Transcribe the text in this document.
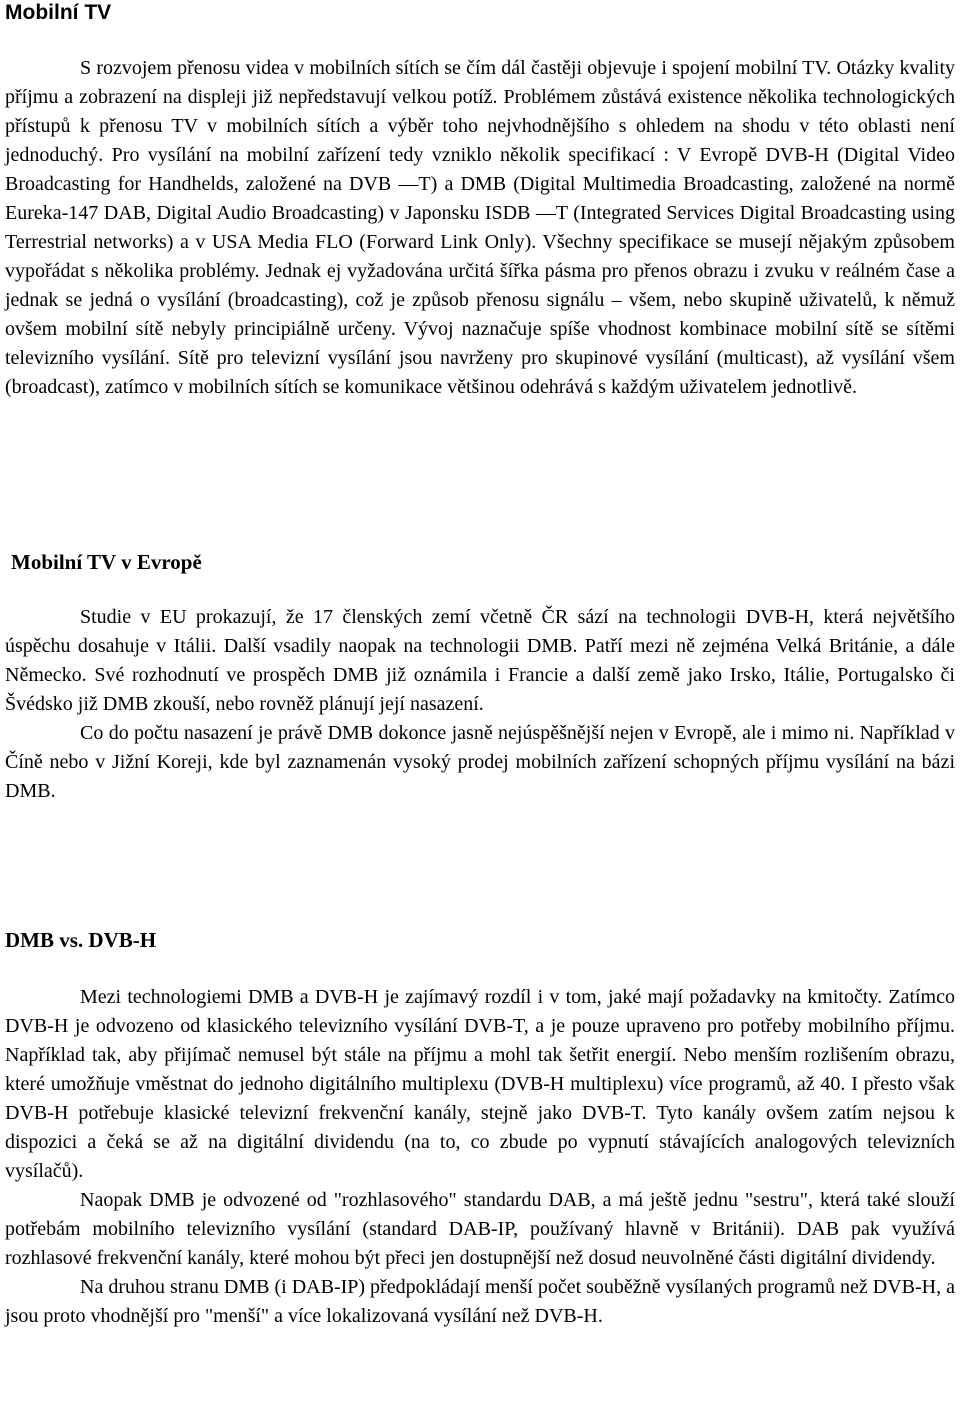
Mobilní TV

S rozvojem přenosu videa v mobilních sítích se čím dál častěji objevuje i spojení mobilní TV. Otázky kvality příjmu a zobrazení na displeji již nepředstavují velkou potíž. Problémem zůstává existence několika technologických přístupů k přenosu TV v mobilních sítích a výběr toho nejvhodnějšího s ohledem na shodu v této oblasti není jednoduchý. Pro vysílání na mobilní zařízení tedy vzniklo několik specifikací : V Evropě DVB-H (Digital Video Broadcasting for Handhelds, založené na DVB —T) a DMB (Digital Multimedia Broadcasting, založené na normě Eureka-147 DAB, Digital Audio Broadcasting) v Japonsku ISDB —T (Integrated Services Digital Broadcasting using Terrestrial networks) a v USA Media FLO (Forward Link Only). Všechny specifikace se musejí nějakým způsobem vypořádat s několika problémy. Jednak ej vyžadována určitá šířka pásma pro přenos obrazu i zvuku v reálném čase a jednak se jedná o vysílání (broadcasting), což je způsob přenosu signálu – všem, nebo skupině uživatelů, k němuž ovšem mobilní sítě nebyly principiálně určeny. Vývoj naznačuje spíše vhodnost kombinace mobilní sítě se sítěmi televizního vysílání. Sítě pro televizní vysílání jsou navrženy pro skupinové vysílání (multicast), až vysílání všem (broadcast), zatímco v mobilních sítích se komunikace většinou odehrává s každým uživatelem jednotlivě.

Mobilní TV v Evropě

Studie v EU prokazují, že 17 členských zemí včetně ČR sází na technologii DVB-H, která největšího úspěchu dosahuje v Itálii. Další vsadily naopak na technologii DMB. Patří mezi ně zejména Velká Británie, a dále Německo. Své rozhodnutí ve prospěch DMB již oznámila i Francie a další země jako Irsko, Itálie, Portugalsko či Švédsko již DMB zkouší, nebo rovněž plánují její nasazení.

Co do počtu nasazení je právě DMB dokonce jasně nejúspěšnější nejen v Evropě, ale i mimo ni. Například v Číně nebo v Jižní Koreji, kde byl zaznamenán vysoký prodej mobilních zařízení schopných příjmu vysílání na bázi DMB.

DMB vs. DVB-H

Mezi technologiemi DMB a DVB-H je zajímavý rozdíl i v tom, jaké mají požadavky na kmitočty. Zatímco DVB-H je odvozeno od klasického televizního vysílání DVB-T, a je pouze upraveno pro potřeby mobilního příjmu. Například tak, aby přijímač nemusel být stále na příjmu a mohl tak šetřit energií. Nebo menším rozlišením obrazu, které umožňuje vměstnat do jednoho digitálního multiplexu (DVB-H multiplexu) více programů, až 40. I přesto však DVB-H potřebuje klasické televizní frekvenční kanály, stejně jako DVB-T. Tyto kanály ovšem zatím nejsou k dispozici a čeká se až na digitální dividendu (na to, co zbude po vypnutí stávajících analogových televizních vysílačů).

Naopak DMB je odvozené od "rozhlasového" standardu DAB, a má ještě jednu "sestru", která také slouží potřebám mobilního televizního vysílání (standard DAB-IP, používaný hlavně v Británii). DAB pak využívá rozhlasové frekvenční kanály, které mohou být přeci jen dostupnější než dosud neuvolněné části digitální dividendy.

Na druhou stranu DMB (i DAB-IP) předpokládají menší počet souběžně vysílaných programů než DVB-H, a jsou proto vhodnější pro "menší" a více lokalizovaná vysílání než DVB-H.
